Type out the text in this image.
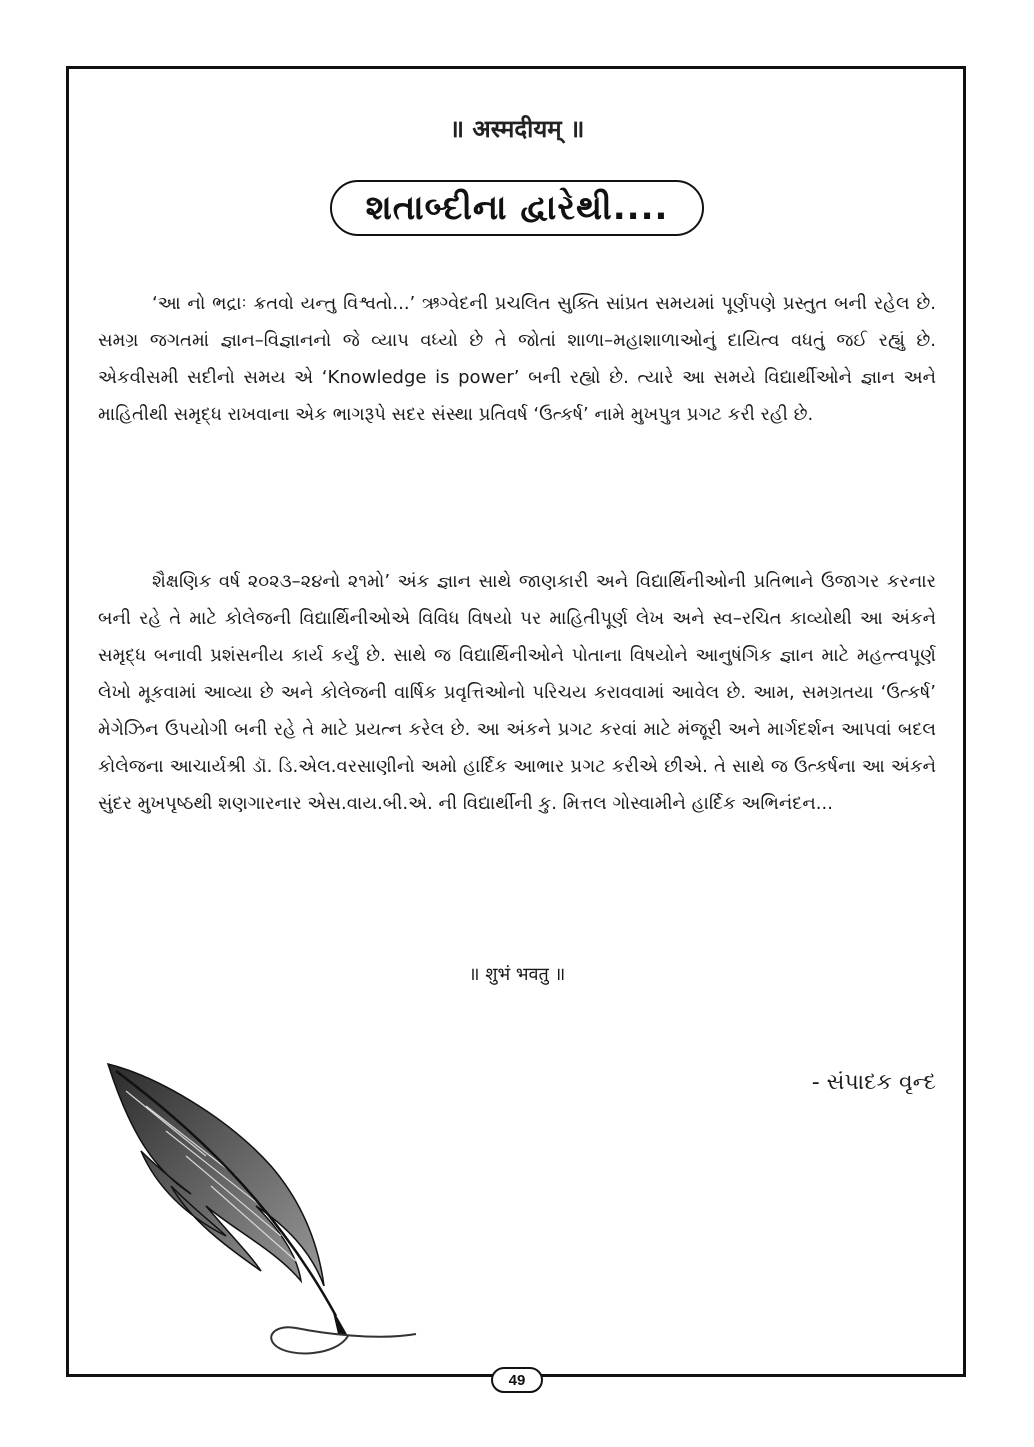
॥ अस्मदीयम् ॥
શતાબ્દીના દ્વારેથી....
‘આ નો ભદ્રાઃ ક્રતવો યન્તુ વિશ્વતો...’ ઋગ્વેદની પ્રચલિત સુક્તિ સાંપ્રત સમયમાં પૂર્ણપણે પ્રસ્તુત બની રહેલ છે. સમગ્ર જગતમાં જ્ઞાન–વિજ્ઞાનનો જે વ્યાપ વધ્યો છે તે જોતાં શાળા–મહાશાળાઓનું દાયિત્વ વધતું જઈ રહ્યું છે. એકવીસમી સદીનો સમય એ ‘Knowledge is power’ બની રહ્યો છે. ત્યારે આ સમયે વિદ્યાર્થીઓને જ્ઞાન અને માહિતીથી સમૃદ્ધ રાખવાના એક ભાગરૂપે સદર સંસ્થા પ્રતિવર્ષ ‘ઉત્કર્ષ’ નામે મુખપુત્ર પ્રગટ કરી રહી છે.
શૈક્ષણિક વર્ષ ૨૦૨૩–૨૪નો ૨૧મો’ અંક જ્ઞાન સાથે જાણકારી અને વિદ્યાર્થિનીઓની પ્રતિભાને ઉજાગર કરનાર બની રહે તે માટે કોલેજની વિદ્યાર્થિનીઓએ વિવિધ વિષયો પર માહિતીપૂર્ણ લેખ અને સ્વ–રચિત કાવ્યોથી આ અંકને સમૃદ્ધ બનાવી પ્રશંસનીય કાર્ય કર્યું છે. સાથે જ વિદ્યાર્થિનીઓને પોતાના વિષયોને આનુષંગિક જ્ઞાન માટે મહત્ત્વપૂર્ણ લેખો મૂકવામાં આવ્યા છે અને કોલેજની વાર્ષિક પ્રવૃત્તિઓનો પરિચય કરાવવામાં આવેલ છે. આમ, સમગ્રતયા ‘ઉત્કર્ષ’ મેગેઝિન ઉપયોગી બની રહે તે માટે પ્રયત્ન કરેલ છે. આ અંકને પ્રગટ કરવાં માટે મંજૂરી અને માર્ગદર્શન આપવાં બદલ કોલેજના આચાર્યશ્રી ડૉ. ડિ.એલ.વરસાણીનો અમો હાર્દિક આભાર પ્રગટ કરીએ છીએ. તે સાથે જ ઉત્કર્ષના આ અંકને સુંદર મુખપૃષ્ઠથી શણગારનાર એસ.વાય.બી.એ. ની વિદ્યાર્થીની કુ. મિત્તલ ગોસ્વામીને હાર્દિક અભિનંદન...
॥ शुभं भवतु ॥
- સંપાદક વૃન્દ
49
